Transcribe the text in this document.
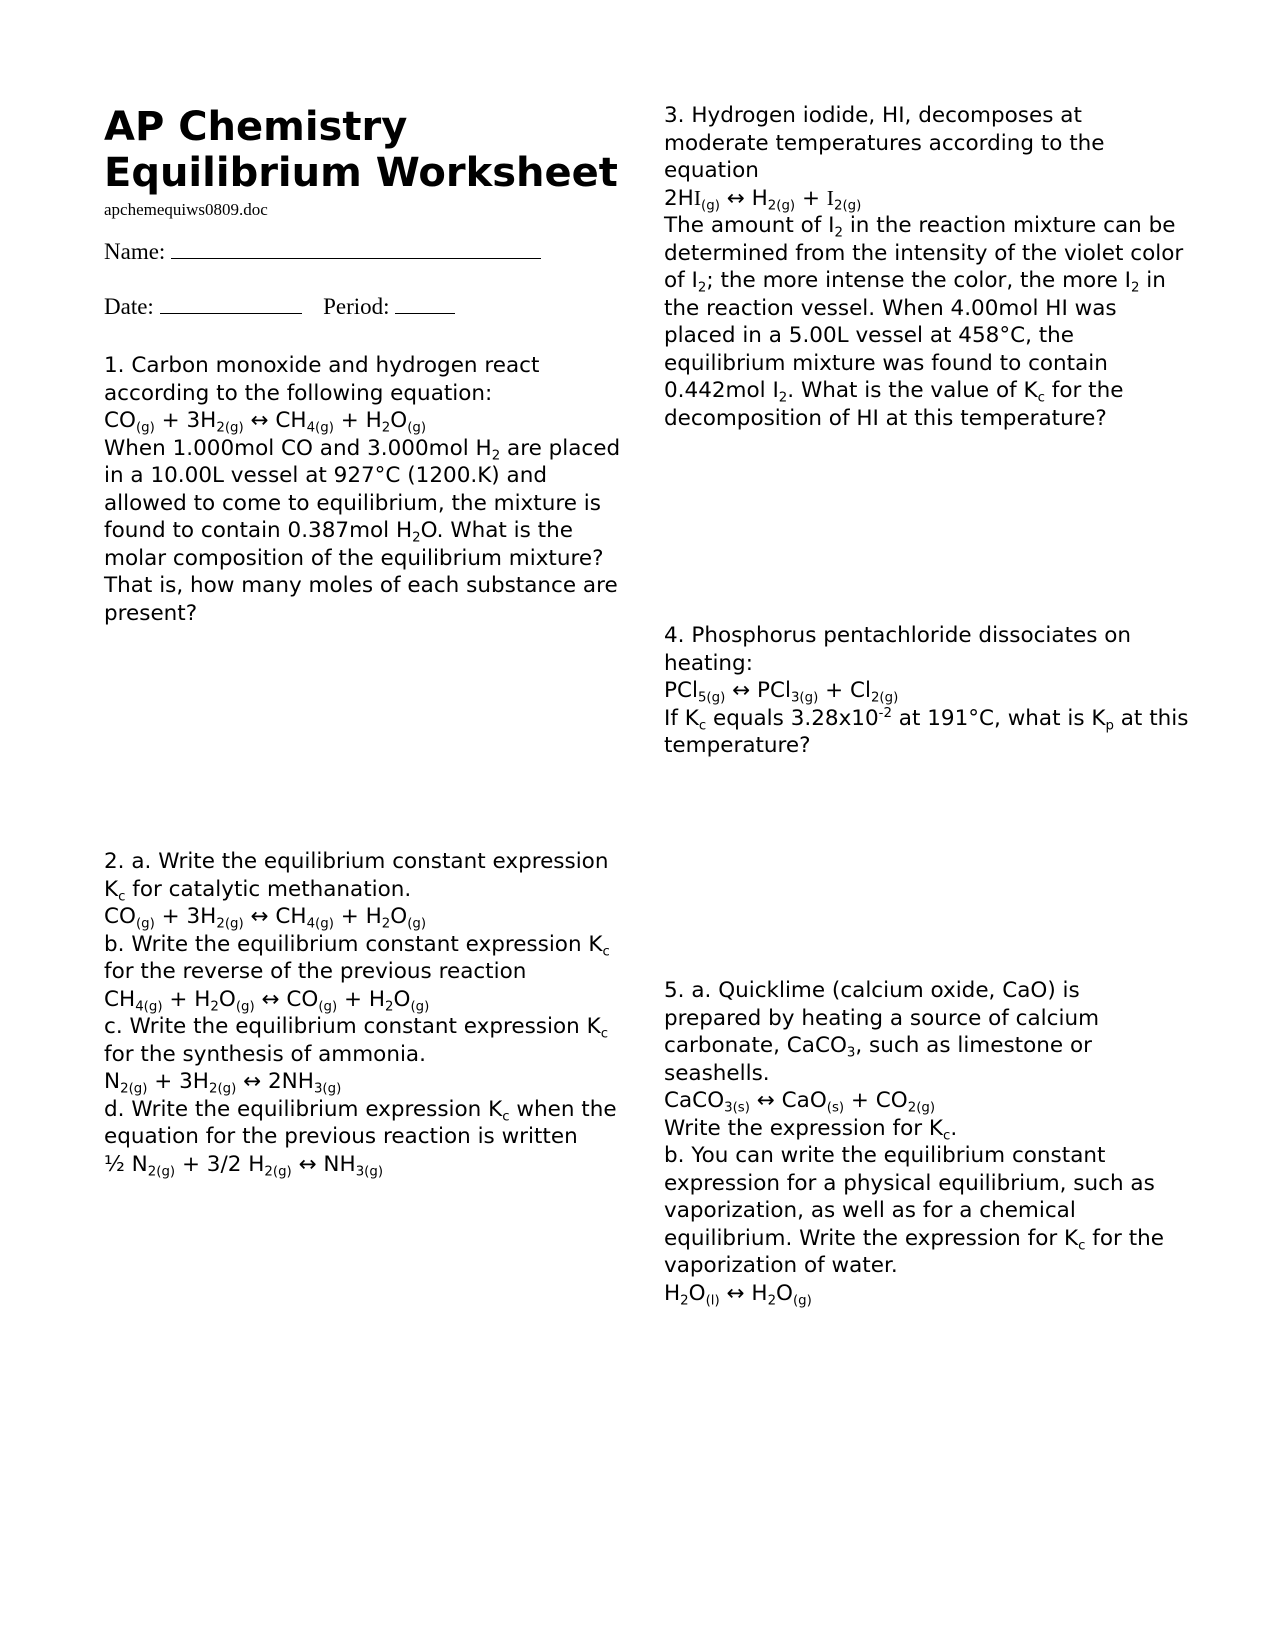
AP Chemistry
Equilibrium Worksheet
apchemequiws0809.doc
Name:
Date:	Period:
1. Carbon monoxide and hydrogen react
according to the following equation:
$CO_{(g)} + 3H_{2(g)}$ ↔ $CH_{4(g)} + H_2O_{(g)}$
When 1.000mol CO and 3.000mol $H_2$ are placed
in a 10.00L vessel at 927°C (1200.K) and
allowed to come to equilibrium, the mixture is
found to contain 0.387mol $H_2O$. What is the
molar composition of the equilibrium mixture?
That is, how many moles of each substance are
present?
2. a. Write the equilibrium constant expression
$K_c$ for catalytic methanation.
$CO_{(g)} + 3H_{2(g)}$ ↔ $CH_{4(g)} + H_2O_{(g)}$
b. Write the equilibrium constant expression $K_c$
for the reverse of the previous reaction
$CH_{4(g)} + H_2O_{(g)}$ ↔ $CO_{(g)} + H_2O_{(g)}$
c. Write the equilibrium constant expression $K_c$
for the synthesis of ammonia.
$N_{2(g)} + 3H_{2(g)}$ ↔ $2NH_{3(g)}$
d. Write the equilibrium expression $K_c$ when the
equation for the previous reaction is written
½ $N_{2(g)} + 3/2$ $H_{2(g)}$ ↔ $NH_{3(g)}$
3. Hydrogen iodide, HI, decomposes at
moderate temperatures according to the
equation
$2HI_{(g)}$ ↔ $H_{2(g)} + I_{2(g)}$
The amount of $I_2$ in the reaction mixture can be
determined from the intensity of the violet color
of $I_2$; the more intense the color, the more $I_2$ in
the reaction vessel. When 4.00mol HI was
placed in a 5.00L vessel at 458°C, the
equilibrium mixture was found to contain
0.442mol $I_2$. What is the value of $K_c$ for the
decomposition of HI at this temperature?
4. Phosphorus pentachloride dissociates on
heating:
PCl$_{5(g)}$ ↔ $PCl_{3(g)} + Cl_{2(g)}$
If $K_c$ equals $3.28x10^{-2}$ at 191°C, what is $K_p$ at this
temperature?
5. a. Quicklime (calcium oxide, CaO) is
prepared by heating a source of calcium
carbonate, CaCO$_3$, such as limestone or
seashells.
CaCO$_{3(s)}$ ↔ $CaO_{(s)} + CO_{2(g)}$
Write the expression for $K_c$.
b. You can write the equilibrium constant
expression for a physical equilibrium, such as
vaporization, as well as for a chemical
equilibrium. Write the expression for $K_c$ for the
vaporization of water.
$H_2O_{(l)}$ ↔ $H_2O_{(g)}$
